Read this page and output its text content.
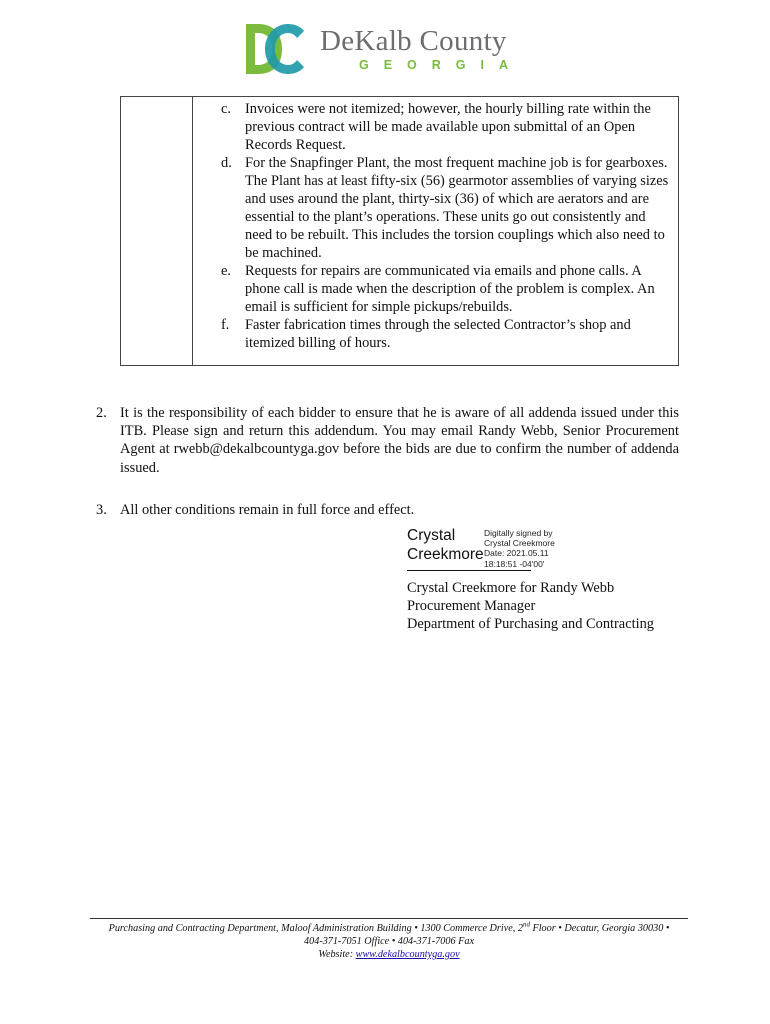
DeKalb County
GEORGIA
c. Invoices were not itemized; however, the hourly billing rate within the previous contract will be made available upon submittal of an Open Records Request.
d. For the Snapfinger Plant, the most frequent machine job is for gearboxes. The Plant has at least fifty-six (56) gearmotor assemblies of varying sizes and uses around the plant, thirty-six (36) of which are aerators and are essential to the plant’s operations. These units go out consistently and need to be rebuilt. This includes the torsion couplings which also need to be machined.
e. Requests for repairs are communicated via emails and phone calls. A phone call is made when the description of the problem is complex. An email is sufficient for simple pickups/rebuilds.
f. Faster fabrication times through the selected Contractor’s shop and itemized billing of hours.
2. It is the responsibility of each bidder to ensure that he is aware of all addenda issued under this ITB. Please sign and return this addendum. You may email Randy Webb, Senior Procurement Agent at rwebb@dekalbcountyga.gov before the bids are due to confirm the number of addenda issued.
3. All other conditions remain in full force and effect.
Crystal
Creekmore
Digitally signed by
Crystal Creekmore
Date: 2021.05.11
18:18:51 -04'00'
Crystal Creekmore for Randy Webb
Procurement Manager
Department of Purchasing and Contracting
Purchasing and Contracting Department, Maloof Administration Building • 1300 Commerce Drive, 2nd Floor • Decatur, Georgia 30030 •
404-371-7051 Office • 404-371-7006 Fax
Website: www.dekalbcountyga.gov
